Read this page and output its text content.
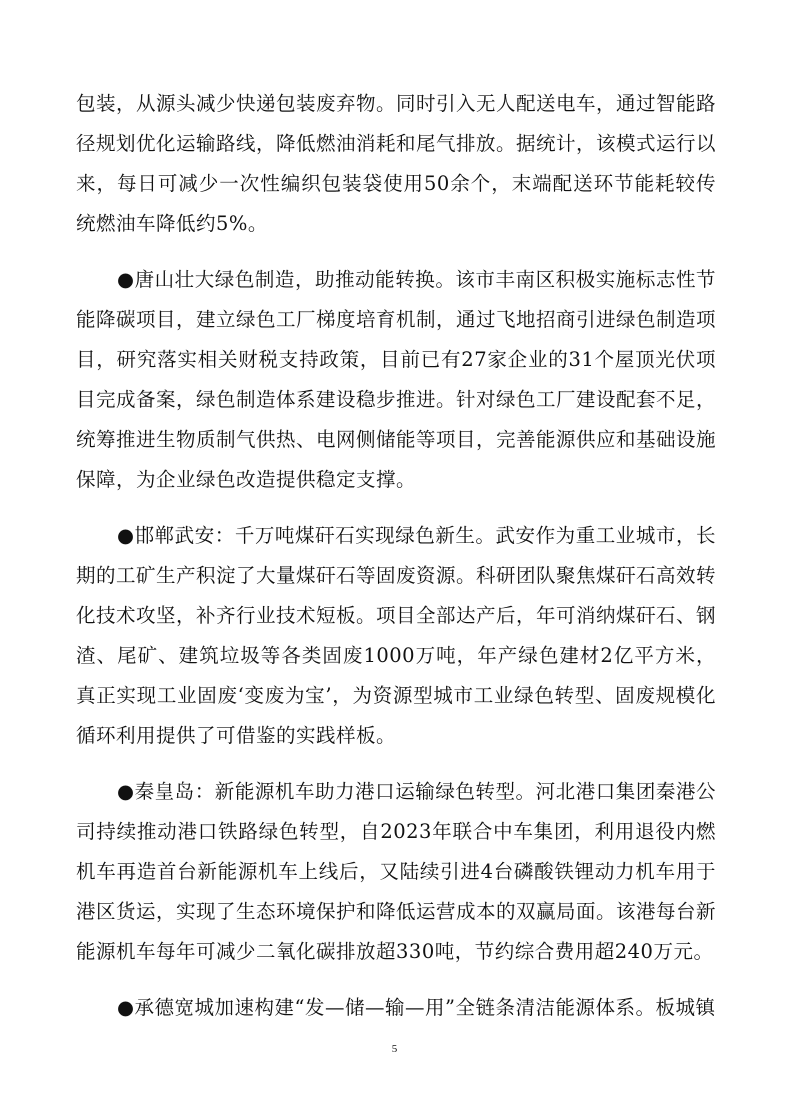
包装，从源头减少快递包装废弃物。同时引入无人配送电车，通过智能路径规划优化运输路线，降低燃油消耗和尾气排放。据统计，该模式运行以来，每日可减少一次性编织包装袋使用50余个，末端配送环节能耗较传统燃油车降低约5%。

●唐山壮大绿色制造，助推动能转换。该市丰南区积极实施标志性节能降碳项目，建立绿色工厂梯度培育机制，通过飞地招商引进绿色制造项目，研究落实相关财税支持政策，目前已有27家企业的31个屋顶光伏项目完成备案，绿色制造体系建设稳步推进。针对绿色工厂建设配套不足，统筹推进生物质制气供热、电网侧储能等项目，完善能源供应和基础设施保障，为企业绿色改造提供稳定支撑。

●邯郸武安：千万吨煤矸石实现绿色新生。武安作为重工业城市，长期的工矿生产积淀了大量煤矸石等固废资源。科研团队聚焦煤矸石高效转化技术攻坚，补齐行业技术短板。项目全部达产后，年可消纳煤矸石、钢渣、尾矿、建筑垃圾等各类固废1000万吨，年产绿色建材2亿平方米，真正实现工业固废‘变废为宝’，为资源型城市工业绿色转型、固废规模化循环利用提供了可借鉴的实践样板。

●秦皇岛：新能源机车助力港口运输绿色转型。河北港口集团秦港公司持续推动港口铁路绿色转型，自2023年联合中车集团，利用退役内燃机车再造首台新能源机车上线后，又陆续引进4台磷酸铁锂动力机车用于港区货运，实现了生态环境保护和降低运营成本的双赢局面。该港每台新能源机车每年可减少二氧化碳排放超330吨，节约综合费用超240万元。

●承德宽城加速构建“发—储—输—用”全链条清洁能源体系。板城镇

5
